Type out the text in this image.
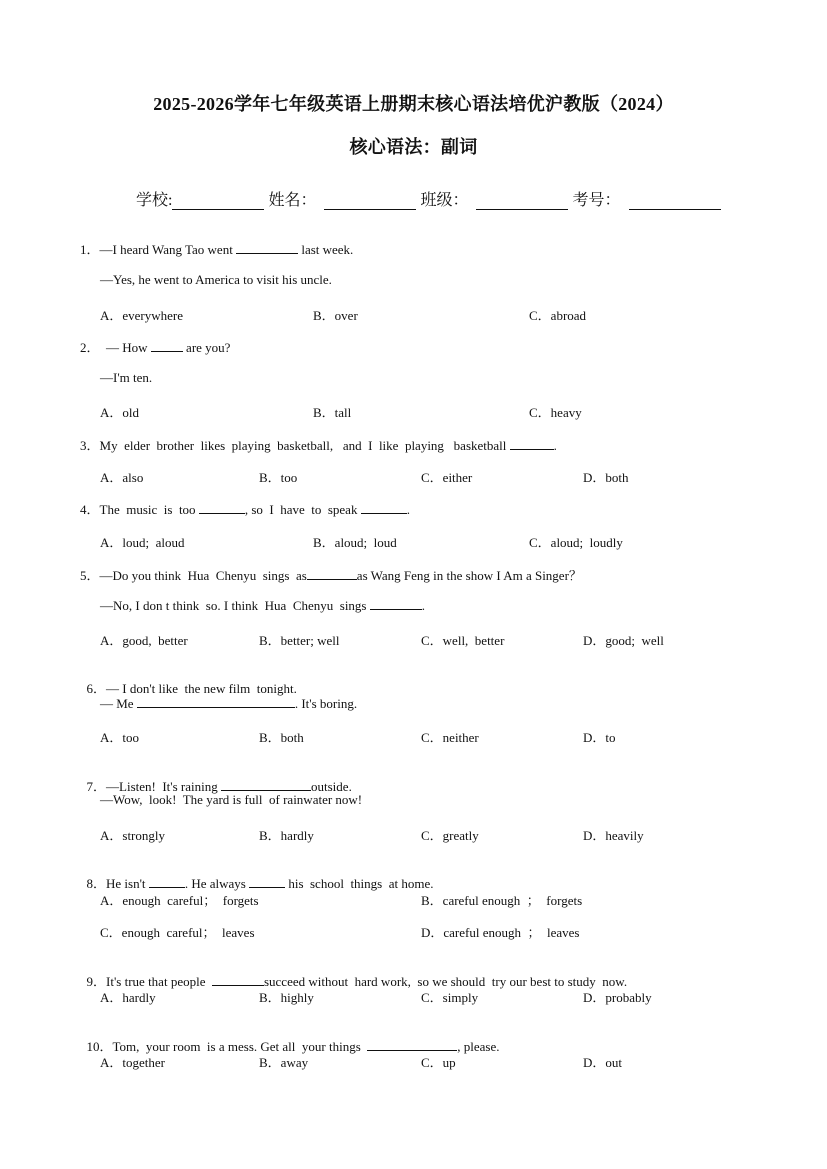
2025-2026学年七年级英语上册期末核心语法培优沪教版（2024）
核心语法：副词
学校:	姓名：	班级：	考号：
1．—I heard Wang Tao went	last week.
—Yes, he went to America to visit his uncle.
A．everywhere	B．over	C．abroad
2．  — How  are you?
—I'm ten.
A．old	B．tall	C．heavy
3．My  elder  brother  likes  playing  basketball,   and  I  like  playing   basketball	.
A．also	B．too	C．either	D．both
4．The  music  is  too	, so  I  have  to  speak	.
A．loud;  aloud	B．aloud;  loud	C．aloud;  loudly
5．—Do you think  Hua  Chenyu  sings  as	as Wang Feng in the show I Am a Singer？
—No, I don t think  so. I think  Hua  Chenyu  sings	.
A．good,  better	B．better; well	C．well,  better	D．good;  well

6．— I don't like  the new film  tonight.

— Me	. It's boring.
A．too	B．both	C．neither	D．to

7．—Listen!  It's raining	outside.

—Wow,  look!  The yard is full  of rainwater now!
A．strongly	B．hardly	C．greatly	D．heavily

8．He isn't	. He always	his  school  things  at home.

A．enough  careful；  forgets	B．careful enough  ；  forgets
C．enough  careful；  leaves	D．careful enough  ；  leaves

9．It's true that people	succeed without  hard work,  so we should  try our best to study  now.

A．hardly	B．highly	C．simply	D．probably

10．Tom,  your room  is a mess. Get all  your things	, please.

A．together	B．away	C．up	D．out
